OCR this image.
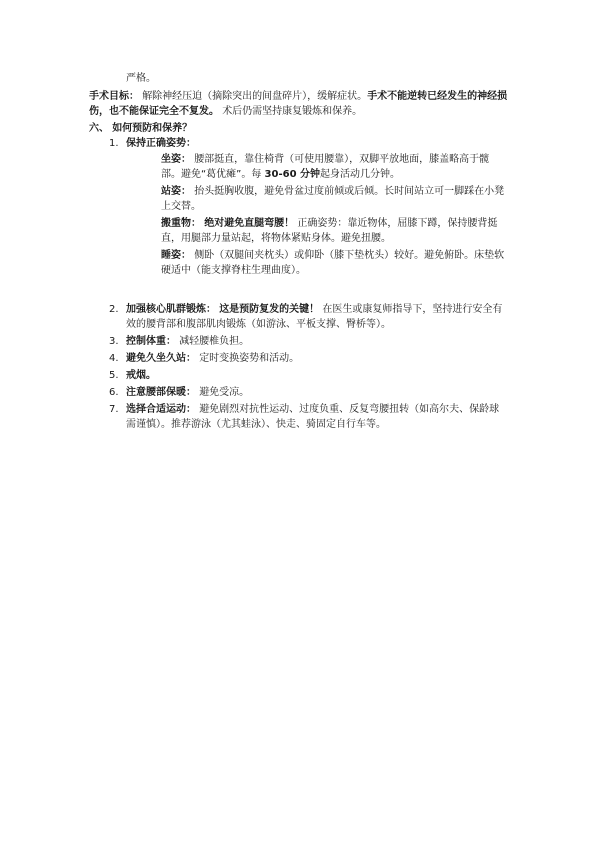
严格。
手术目标： 解除神经压迫（摘除突出的间盘碎片），缓解症状。手术不能逆转已经发生的神经损伤，也不能保证完全不复发。 术后仍需坚持康复锻炼和保养。
六、 如何预防和保养？
1. 保持正确姿势：
坐姿： 腰部挺直，靠住椅背（可使用腰靠），双脚平放地面，膝盖略高于髋部。避免“葛优瘫”。每 30-60 分钟起身活动几分钟。
站姿： 抬头挺胸收腹，避免骨盆过度前倾或后倾。长时间站立可一脚踩在小凳上交替。
搬重物： 绝对避免直腿弯腰！ 正确姿势：靠近物体，屈膝下蹲，保持腰背挺直，用腿部力量站起，将物体紧贴身体。避免扭腰。
睡姿： 侧卧（双腿间夹枕头）或仰卧（膝下垫枕头）较好。避免俯卧。床垫软硬适中（能支撑脊柱生理曲度）。
2. 加强核心肌群锻炼： 这是预防复发的关键！ 在医生或康复师指导下，坚持进行安全有效的腰背部和腹部肌肉锻炼（如游泳、平板支撑、臀桥等）。
3. 控制体重： 减轻腰椎负担。
4. 避免久坐久站： 定时变换姿势和活动。
5. 戒烟。
6. 注意腰部保暖： 避免受凉。
7. 选择合适运动： 避免剧烈对抗性运动、过度负重、反复弯腰扭转（如高尔夫、保龄球需谨慎）。推荐游泳（尤其蛙泳）、快走、骑固定自行车等。
